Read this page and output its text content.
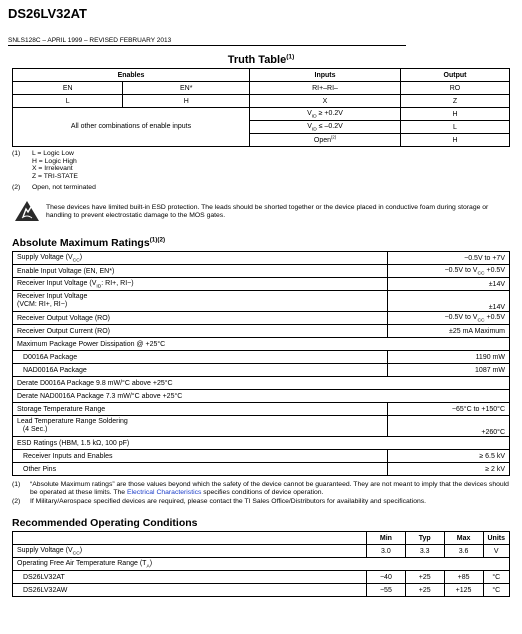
DS26LV32AT
SNLS128C – APRIL 1999 – REVISED FEBRUARY 2013
Truth Table$^{(1)}$
Enables		Inputs	Output
EN	EN*	RI+–RI–	RO
L	H	X	Z
All other combinations of enable inputs		$V_{ID} \ge +0.2V$	H
		$V_{ID} \le -0.2V$	L
		Open$^{(2)}$	H
(1) L = Logic Low
H = Logic High
X = Irrelevant
Z = TRI-STATE
(2) Open, not terminated
These devices have limited built-in ESD protection. The leads should be shorted together or the device placed in conductive foam during storage or handling to prevent electrostatic damage to the MOS gates.
Absolute Maximum Ratings$^{(1)(2)}$
Supply Voltage $(V_{CC})$	−0.5V to +7V
Enable Input Voltage (EN, EN*)	−0.5V to $V_{CC} +0.5V$
Receiver Input Voltage ($V_{ID}$: RI+, RI−)	±14V
Receiver Input Voltage
(VCM: RI+, RI−)	±14V
Receiver Output Voltage (RO)	−0.5V to $V_{CC} +0.5V$
Receiver Output Current (RO)	±25 mA Maximum
Maximum Package Power Dissipation @ +25°C	
D0016A Package	1190 mW
NAD0016A Package	1087 mW
Derate D0016A Package 9.8 mW/°C above +25°C	
Derate NAD0016A Package 7.3 mW/°C above +25°C	
Storage Temperature Range	−65°C to +150°C
Lead Temperature Range Soldering
(4 Sec.)	+260°C
ESD Ratings (HBM, 1.5 kΩ, 100 pF)	
Receiver Inputs and Enables	≥ 6.5 kV
Other Pins	≥ 2 kV
(1) “Absolute Maximum ratings” are those values beyond which the safety of the device cannot be guaranteed. They are not meant to imply that the devices should be operated at these limits. The Electrical Characteristics specifies conditions of device operation.
(2) If Military/Aerospace specified devices are required, please contact the TI Sales Office/Distributors for availability and specifications.
Recommended Operating Conditions
	Min	Typ	Max	Units
Supply Voltage $(V_{CC})$	3.0	3.3	3.6	V
Operating Free Air Temperature Range $(T_A)$				
DS26LV32AT	−40	+25	+85	°C
DS26LV32AW	−55	+25	+125	°C
